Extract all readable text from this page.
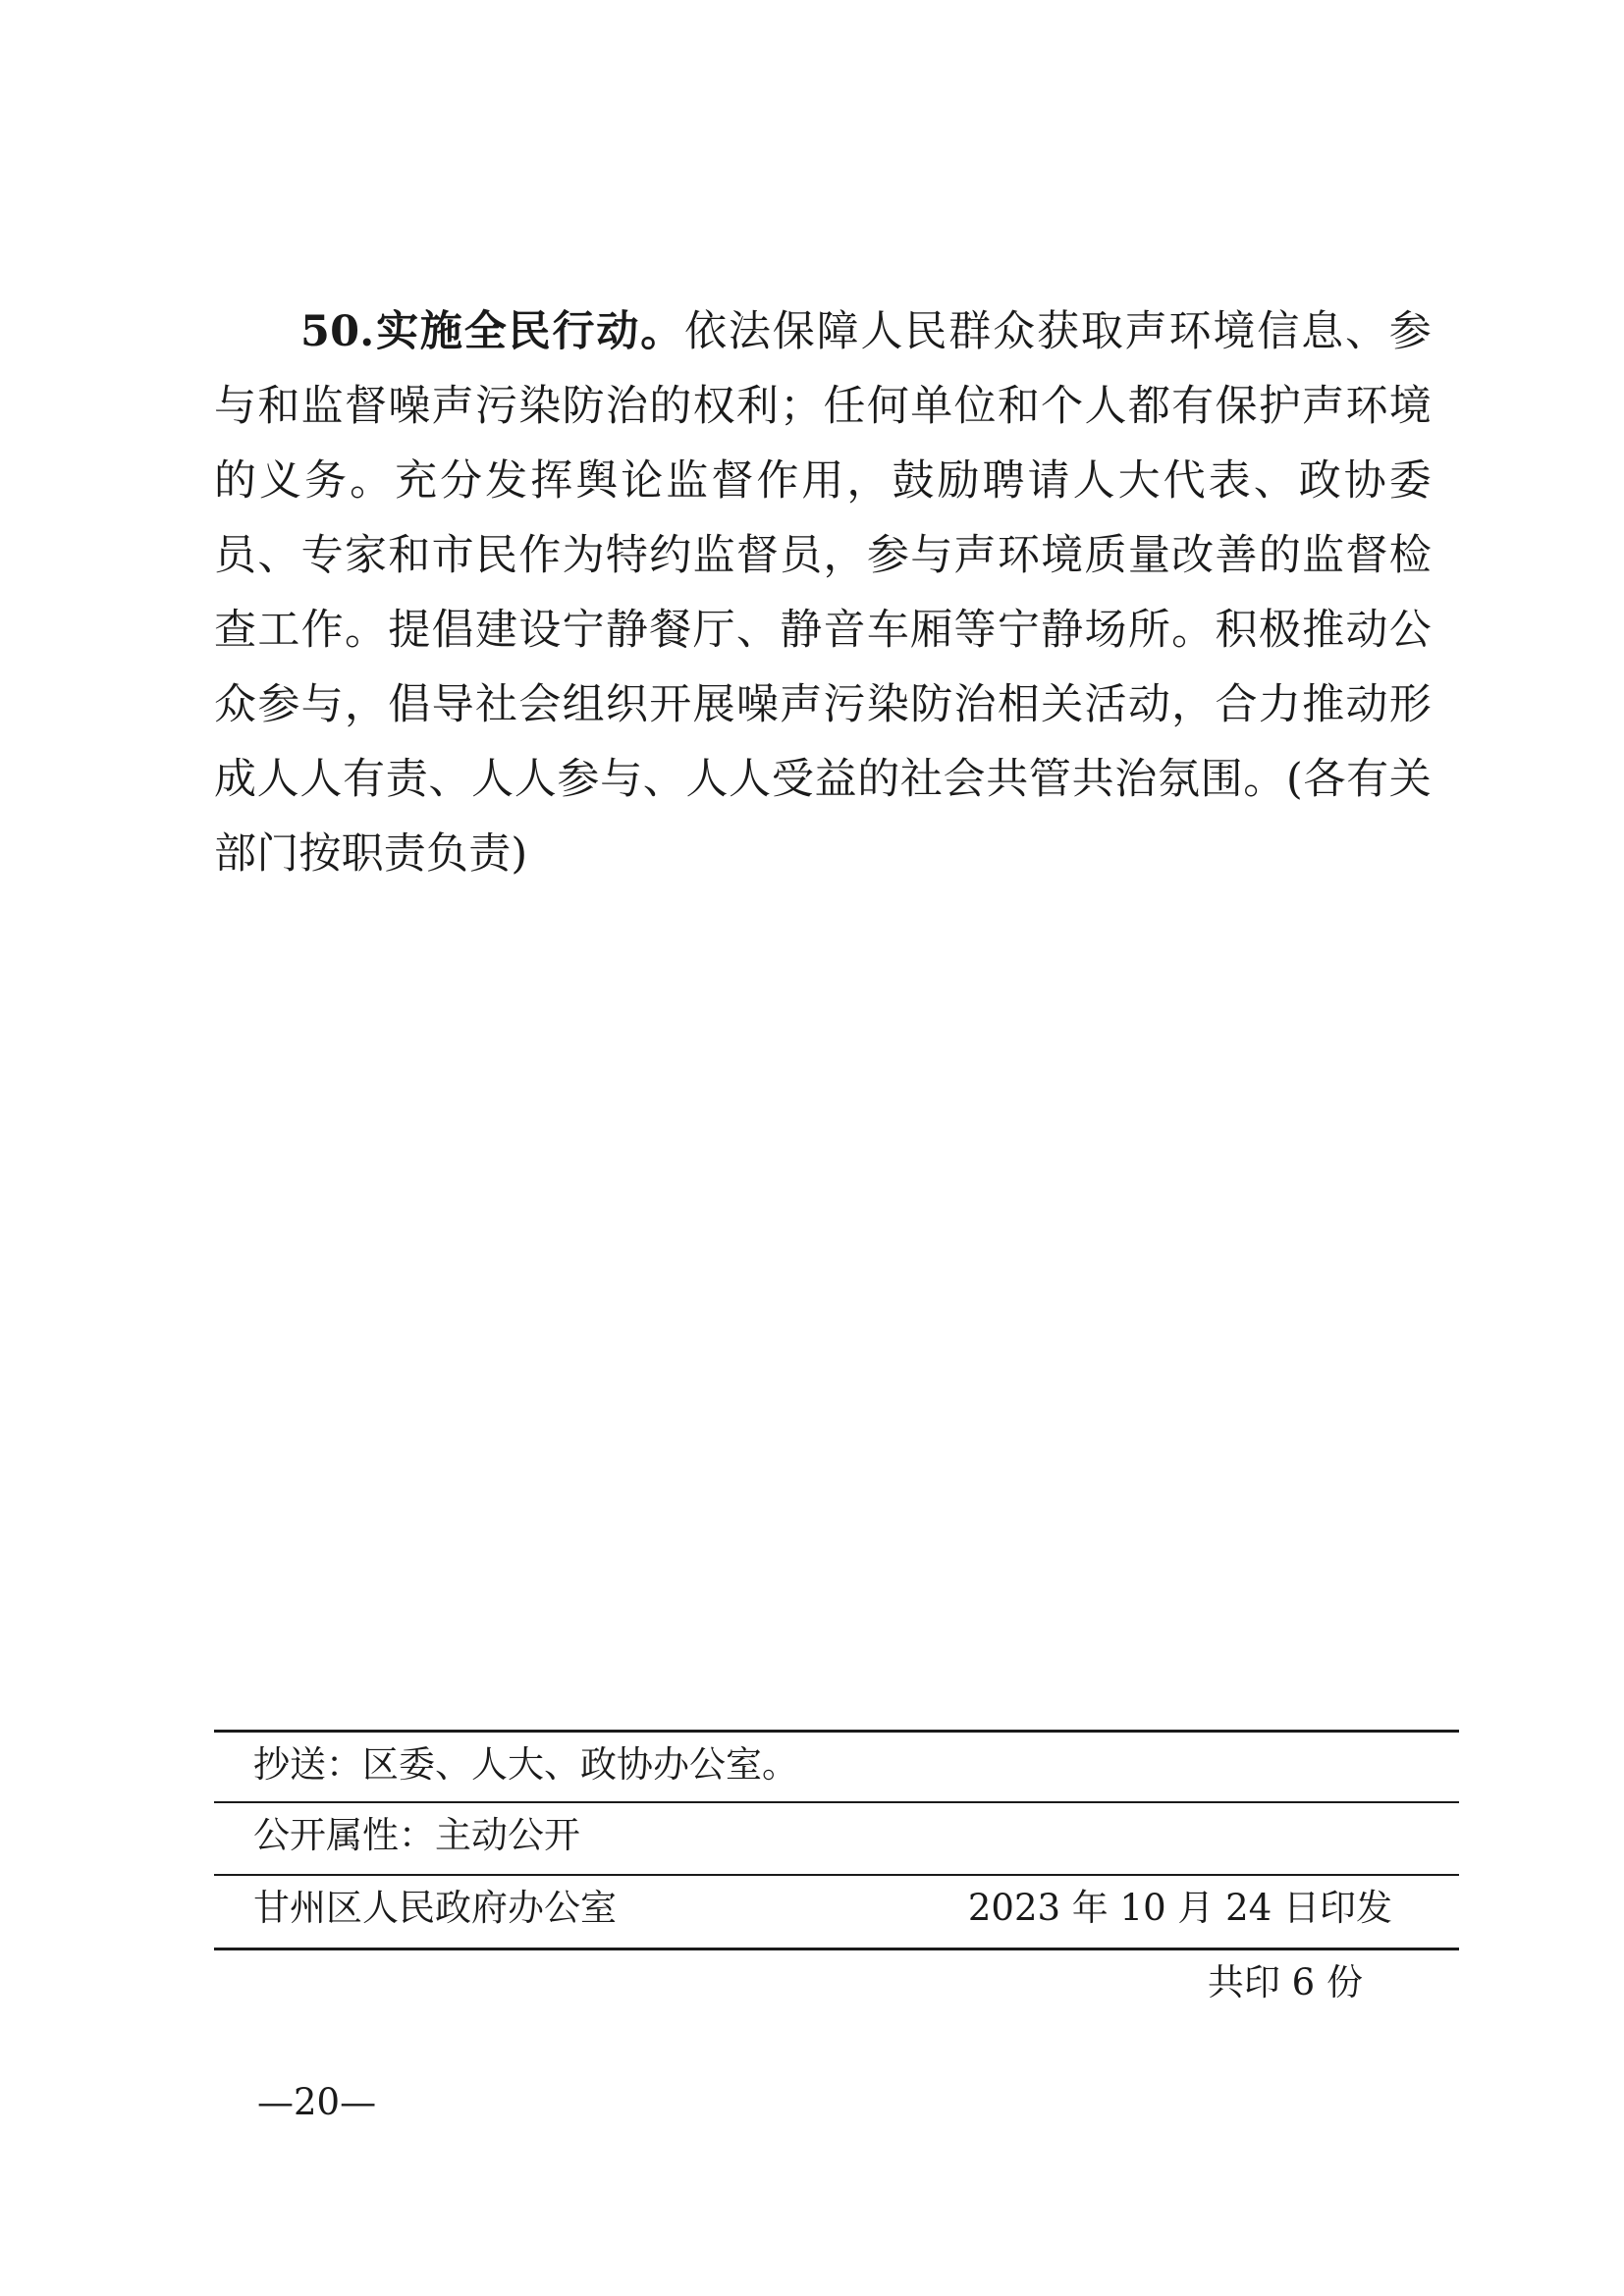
50.实施全民行动。依法保障人民群众获取声环境信息、参与和监督噪声污染防治的权利；任何单位和个人都有保护声环境的义务。充分发挥舆论监督作用，鼓励聘请人大代表、政协委员、专家和市民作为特约监督员，参与声环境质量改善的监督检查工作。提倡建设宁静餐厅、静音车厢等宁静场所。积极推动公众参与，倡导社会组织开展噪声污染防治相关活动，合力推动形成人人有责、人人参与、人人受益的社会共管共治氛围。(各有关部门按职责负责)

抄送：区委、人大、政协办公室。

公开属性：主动公开

甘州区人民政府办公室	2023 年 10 月 24 日印发

共印 6 份

—20—
